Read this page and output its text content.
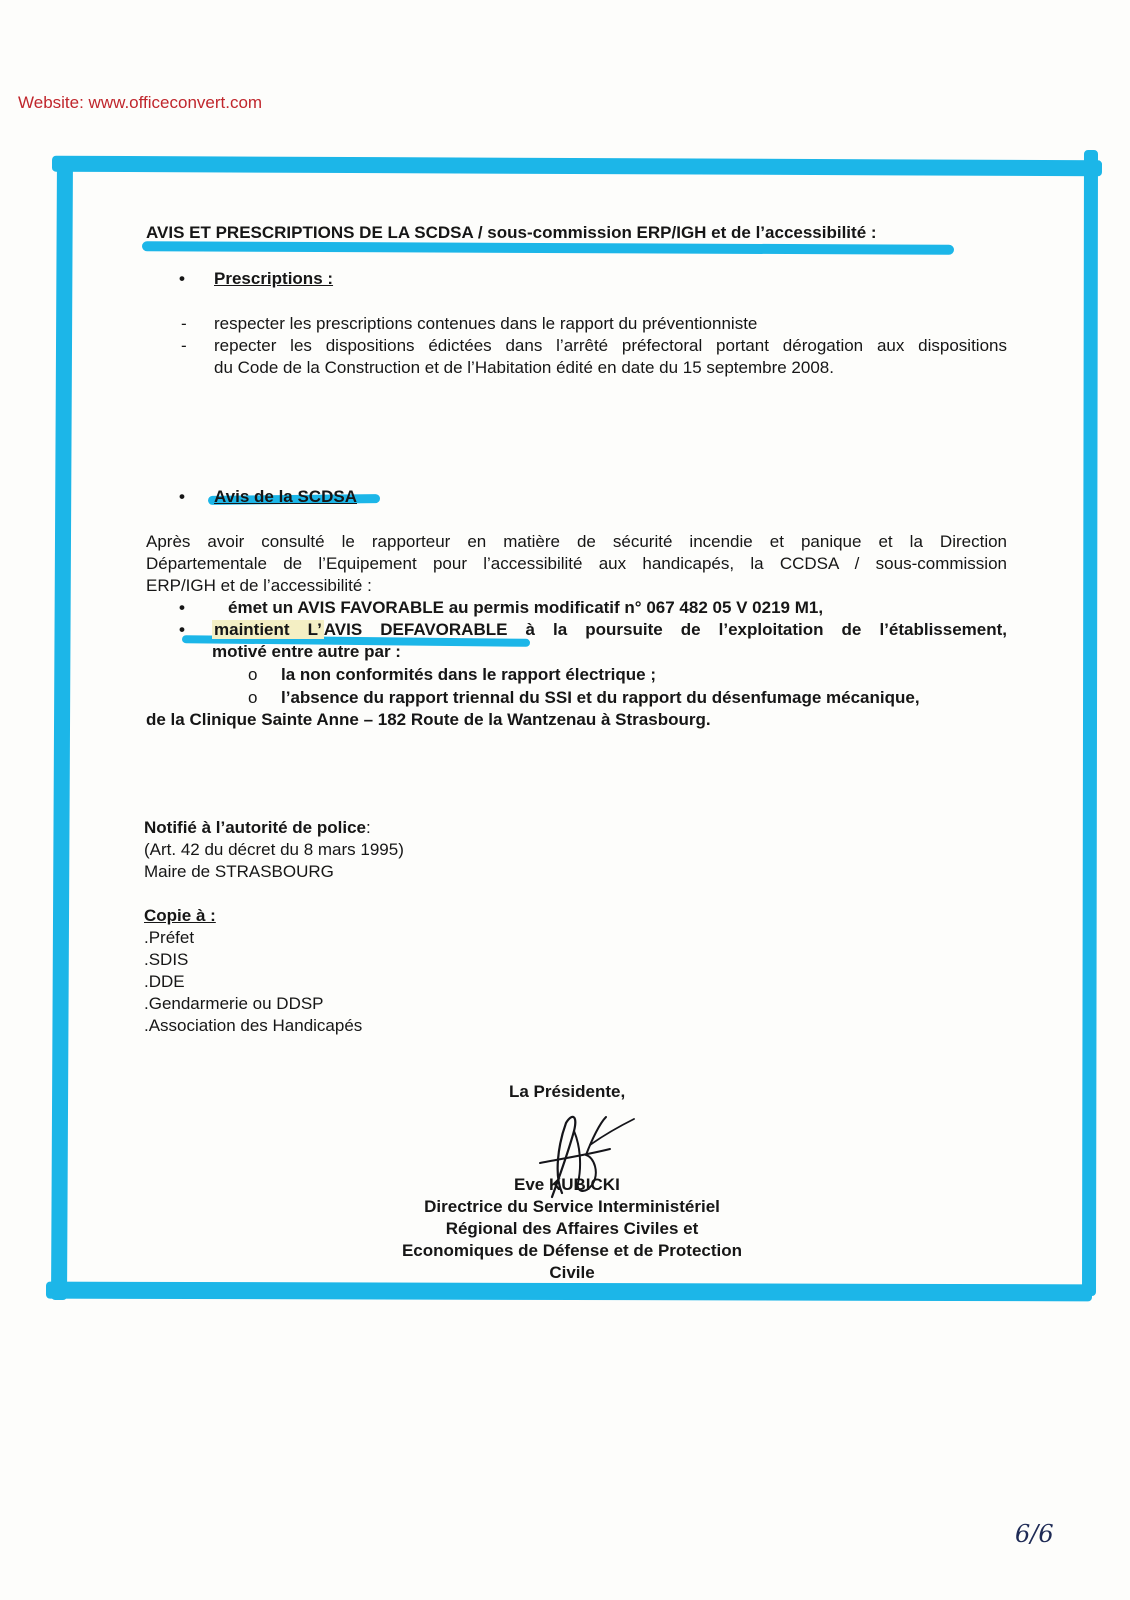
Website: www.officeconvert.com
AVIS ET PRESCRIPTIONS DE LA SCDSA / sous-commission ERP/IGH et de l’accessibilité :
• Prescriptions :
- respecter les prescriptions contenues dans le rapport du préventionniste
- repecter les dispositions édictées dans l’arrêté préfectoral portant dérogation aux dispositions
du Code de la Construction et de l’Habitation édité en date du 15 septembre 2008.
• Avis de la SCDSA
Après avoir consulté le rapporteur en matière de sécurité incendie et panique et la Direction
Départementale de l’Equipement pour l’accessibilité aux handicapés, la CCDSA / sous-commission
ERP/IGH et de l’accessibilité :
•	émet un AVIS FAVORABLE au permis modificatif n° 067 482 05 V 0219 M1,
• maintient L’ AVIS DEFAVORABLE à la poursuite de l’exploitation de l’établissement,
motivé entre autre par :
o la non conformités dans le rapport électrique ;
o l’absence du rapport triennal du SSI et du rapport du désenfumage mécanique,
de la Clinique Sainte Anne – 182 Route de la Wantzenau à Strasbourg.
Notifié à l’autorité de police:
(Art. 42 du décret du 8 mars 1995)
Maire de STRASBOURG
Copie à :
.Préfet
.SDIS
.DDE
.Gendarmerie ou DDSP
.Association des Handicapés
La Présidente,
Eve KUBICKI
Directrice du Service Interministériel
Régional des Affaires Civiles et
Economiques de Défense et de Protection
Civile
6/6
